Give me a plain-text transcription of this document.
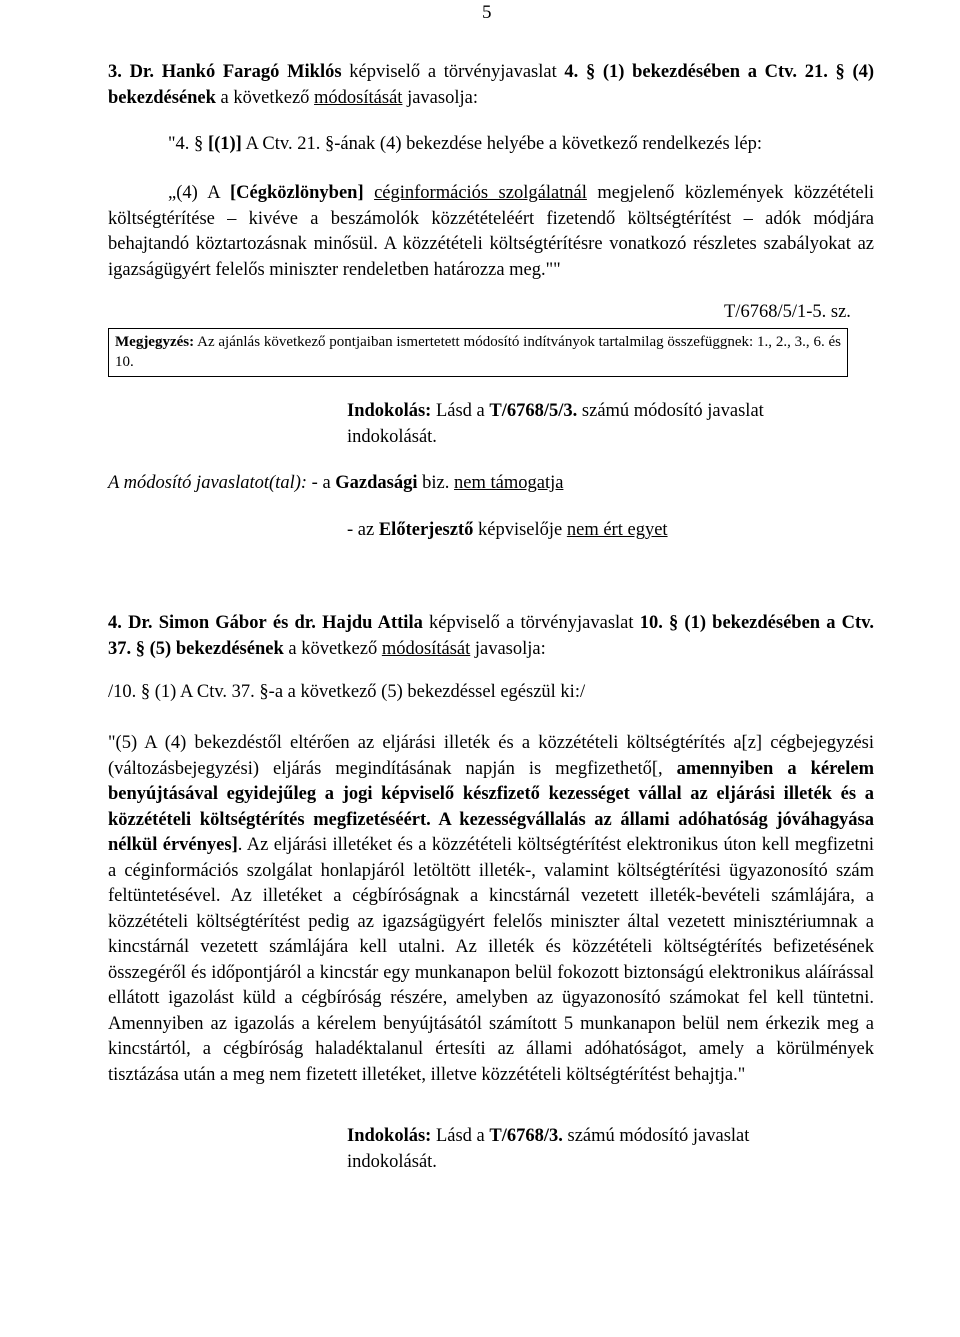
5

3. Dr. Hankó Faragó Miklós képviselő a törvényjavaslat 4. § (1) bekezdésében a Ctv. 21. § (4) bekezdésének a következő módosítását javasolja:

"4. § [(1)] A Ctv. 21. §-ának (4) bekezdése helyébe a következő rendelkezés lép:

„(4) A [Cégközlönyben] céginformációs szolgálatnál megjelenő közlemények közzétételi költségtérítése – kivéve a beszámolók közzétételéért fizetendő költségtérítést – adók módjára behajtandó köztartozásnak minősül. A közzétételi költségtérítésre vonatkozó részletes szabályokat az igazságügyért felelős miniszter rendeletben határozza meg.""

T/6768/5/1-5. sz.
Megjegyzés: Az ajánlás következő pontjaiban ismertetett módosító indítványok tartalmilag összefüggnek: 1., 2., 3., 6. és 10.

Indokolás: Lásd a T/6768/5/3. számú módosító javaslat indokolását.

A módosító javaslatot(tal): - a Gazdasági biz. nem támogatja

- az Előterjesztő képviselője nem ért egyet

4. Dr. Simon Gábor és dr. Hajdu Attila képviselő a törvényjavaslat 10. § (1) bekezdésében a Ctv. 37. § (5) bekezdésének a következő módosítását javasolja:

/10. § (1) A Ctv. 37. §-a a következő (5) bekezdéssel egészül ki:/

"(5) A (4) bekezdéstől eltérően az eljárási illeték és a közzétételi költségtérítés a[z] cégbejegyzési (változásbejegyzési) eljárás megindításának napján is megfizethető[, amennyiben a kérelem benyújtásával egyidejűleg a jogi képviselő készfizető kezességet vállal az eljárási illeték és a közzétételi költségtérítés megfizetéséért. A kezességvállalás az állami adóhatóság jóváhagyása nélkül érvényes]. Az eljárási illetéket és a közzétételi költségtérítést elektronikus úton kell megfizetni a céginformációs szolgálat honlapjáról letöltött illeték-, valamint költségtérítési ügyazonosító szám feltüntetésével. Az illetéket a cégbíróságnak a kincstárnál vezetett illeték-bevételi számlájára, a közzétételi költségtérítést pedig az igazságügyért felelős miniszter által vezetett minisztériumnak a kincstárnál vezetett számlájára kell utalni. Az illeték és közzétételi költségtérítés befizetésének összegéről és időpontjáról a kincstár egy munkanapon belül fokozott biztonságú elektronikus aláírással ellátott igazolást küld a cégbíróság részére, amelyben az ügyazonosító számokat fel kell tüntetni. Amennyiben az igazolás a kérelem benyújtásától számított 5 munkanapon belül nem érkezik meg a kincstártól, a cégbíróság haladéktalanul értesíti az állami adóhatóságot, amely a körülmények tisztázása után a meg nem fizetett illetéket, illetve közzétételi költségtérítést behajtja."

Indokolás: Lásd a T/6768/3. számú módosító javaslat indokolását.
